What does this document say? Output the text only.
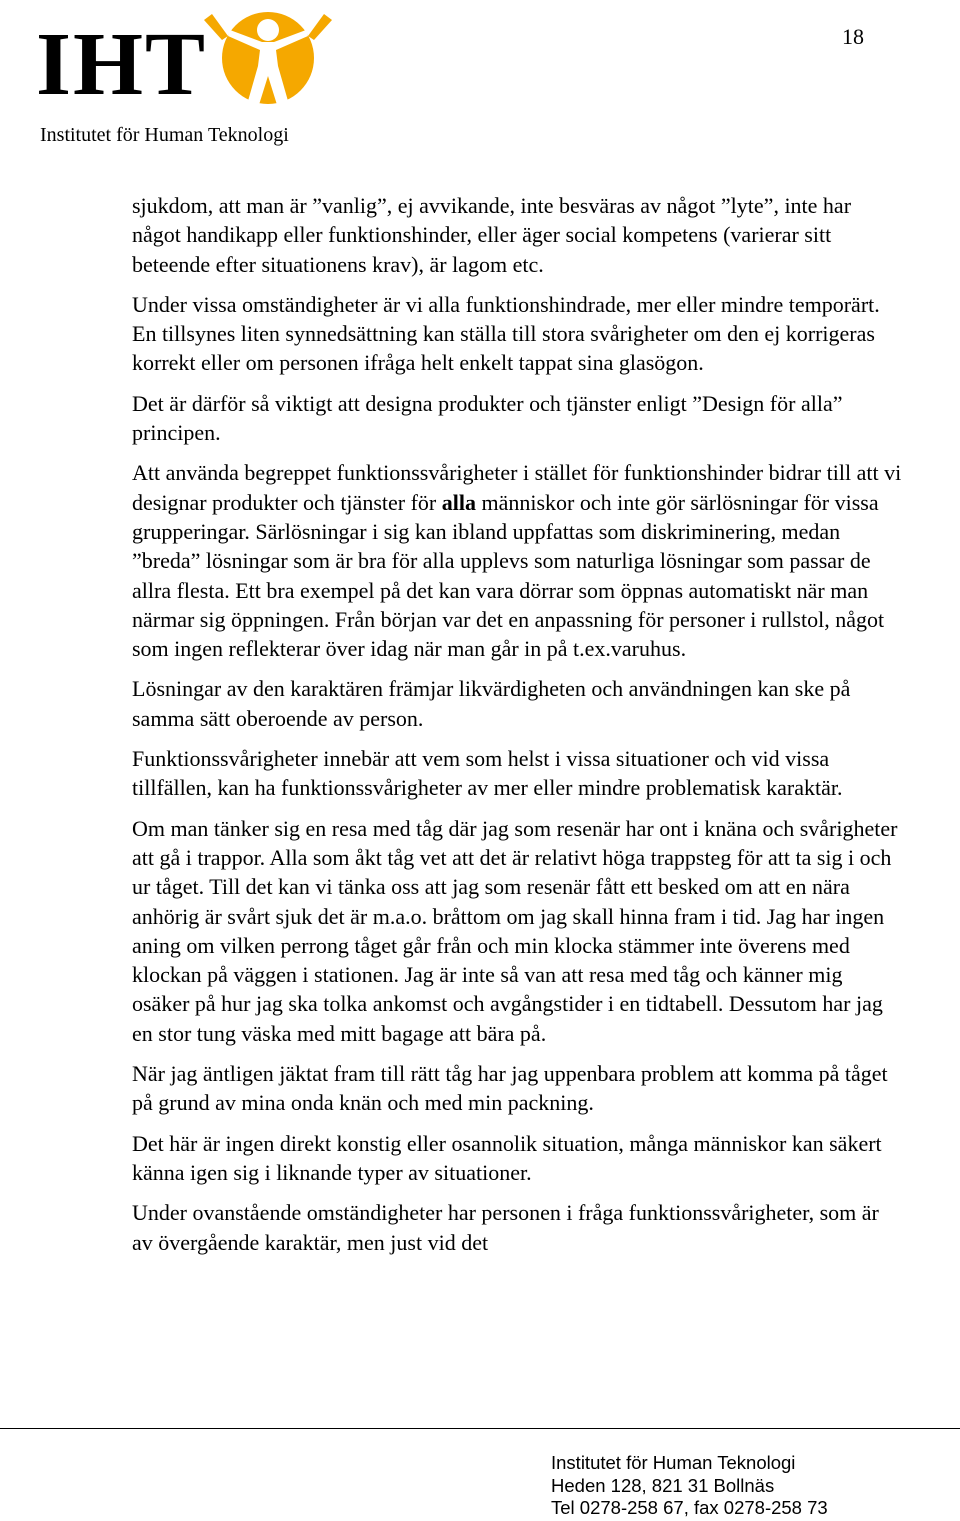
IHT
Institutet för Human Teknologi
18

sjukdom, att man är ”vanlig”, ej avvikande, inte besväras av något ”lyte”, inte har något handikapp eller funktionshinder, eller äger social kompetens (varierar sitt beteende efter situationens krav), är lagom etc.

Under vissa omständigheter är vi alla funktionshindrade, mer eller mindre temporärt. En tillsynes liten synnedsättning kan ställa till stora svårigheter om den ej korrigeras korrekt eller om personen ifråga helt enkelt tappat sina glasögon.

Det är därför så viktigt att designa produkter och tjänster enligt ”Design för alla” principen.

Att använda begreppet funktionssvårigheter i stället för funktionshinder bidrar till att vi designar produkter och tjänster för alla människor och inte gör särlösningar för vissa grupperingar. Särlösningar i sig kan ibland uppfattas som diskriminering, medan ”breda” lösningar som är bra för alla upplevs som naturliga lösningar som passar de allra flesta. Ett bra exempel på det kan vara dörrar som öppnas automatiskt när man närmar sig öppningen. Från början var det en anpassning för personer i rullstol, något som ingen reflekterar över idag när man går in på t.ex.varuhus.

Lösningar av den karaktären främjar likvärdigheten och användningen kan ske på samma sätt oberoende av person.

Funktionssvårigheter innebär att vem som helst i vissa situationer och vid vissa tillfällen, kan ha funktionssvårigheter av mer eller mindre problematisk karaktär.

Om man tänker sig en resa med tåg där jag som resenär har ont i knäna och svårigheter att gå i trappor. Alla som åkt tåg vet att det är relativt höga trappsteg för att ta sig i och ur tåget. Till det kan vi tänka oss att jag som resenär fått ett besked om att en nära anhörig är svårt sjuk det är m.a.o. bråttom om jag skall hinna fram i tid. Jag har ingen aning om vilken perrong tåget går från och min klocka stämmer inte överens med klockan på väggen i stationen. Jag är inte så van att resa med tåg och känner mig osäker på hur jag ska tolka ankomst och avgångstider i en tidtabell. Dessutom har jag en stor tung väska med mitt bagage att bära på.

När jag äntligen jäktat fram till rätt tåg har jag uppenbara problem att komma på tåget på grund av mina onda knän och med min packning.

Det här är ingen direkt konstig eller osannolik situation, många människor kan säkert känna igen sig i liknande typer av situationer.

Under ovanstående omständigheter har personen i fråga funktionssvårigheter, som är av övergående karaktär, men just vid det

Institutet för Human Teknologi
Heden 128, 821 31 Bollnäs
Tel 0278-258 67, fax 0278-258 73
